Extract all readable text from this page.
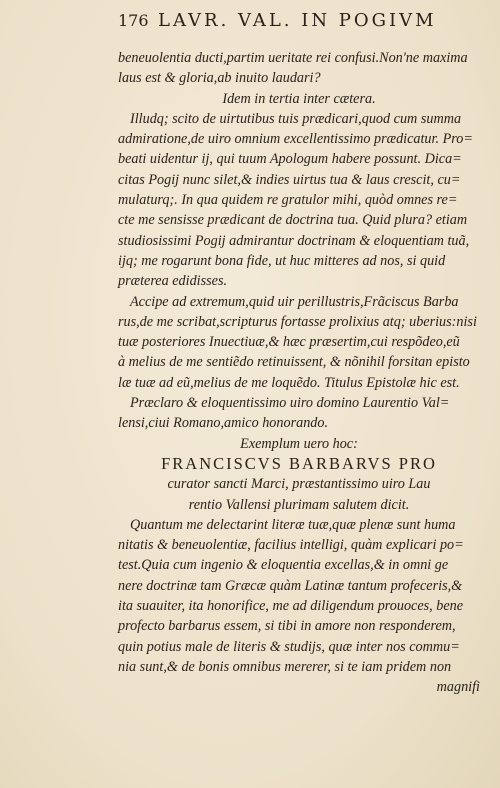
176 LAVR. VAL. IN POGIVM
beneuolentia ducti,partim ueritate rei confusi.Non'ne maxima
laus est & gloria,ab inuito laudari?
Idem in tertia inter cætera.
Illudq; scito de uirtutibus tuis prædicari,quod cum summa
admiratione,de uiro omnium excellentissimo prædicatur. Pro=
beati uidentur ij, qui tuum Apologum habere possunt. Dica=
citas Pogij nunc silet,& indies uirtus tua & laus crescit, cu=
mulaturq;. In qua quidem re gratulor mihi, quòd omnes re=
cte me sensisse prædicant de doctrina tua. Quid plura? etiam
studiosissimi Pogij admirantur doctrinam & eloquentiam tuã,
ijq; me rogarunt bona fide, ut huc mitteres ad nos, si quid
præterea edidisses.
Accipe ad extremum,quid uir perillustris,Frãciscus Barba
rus,de me scribat,scripturus fortasse prolixius atq; uberius:nisi
tuæ posteriores Inuectiuæ,& hæc præsertim,cui respõdeo,eũ
à melius de me sentiẽdo retinuissent, & nõnihil forsitan episto
læ tuæ ad eũ,melius de me loquẽdo. Titulus Epistolæ hic est.
Præclaro & eloquentissimo uiro domino Laurentio Val=
lensi,ciui Romano,amico honorando.
Exemplum uero hoc:
FRANCISCVS BARBARVS PRO
curator sancti Marci, præstantissimo uiro Lau
rentio Vallensi plurimam salutem dicit.
Quantum me delectarint literæ tuæ,quæ plenæ sunt huma
nitatis & beneuolentiæ, facilius intelligi, quàm explicari po=
test.Quia cum ingenio & eloquentia excellas,& in omni ge
nere doctrinæ tam Græcæ quàm Latinæ tantum profeceris,&
ita suauiter, ita honorifice, me ad diligendum prouoces, bene
profecto barbarus essem, si tibi in amore non responderem,
quin potius male de literis & studijs, quæ inter nos commu=
nia sunt,& de bonis omnibus mererer, si te iam pridem non
magnifi
